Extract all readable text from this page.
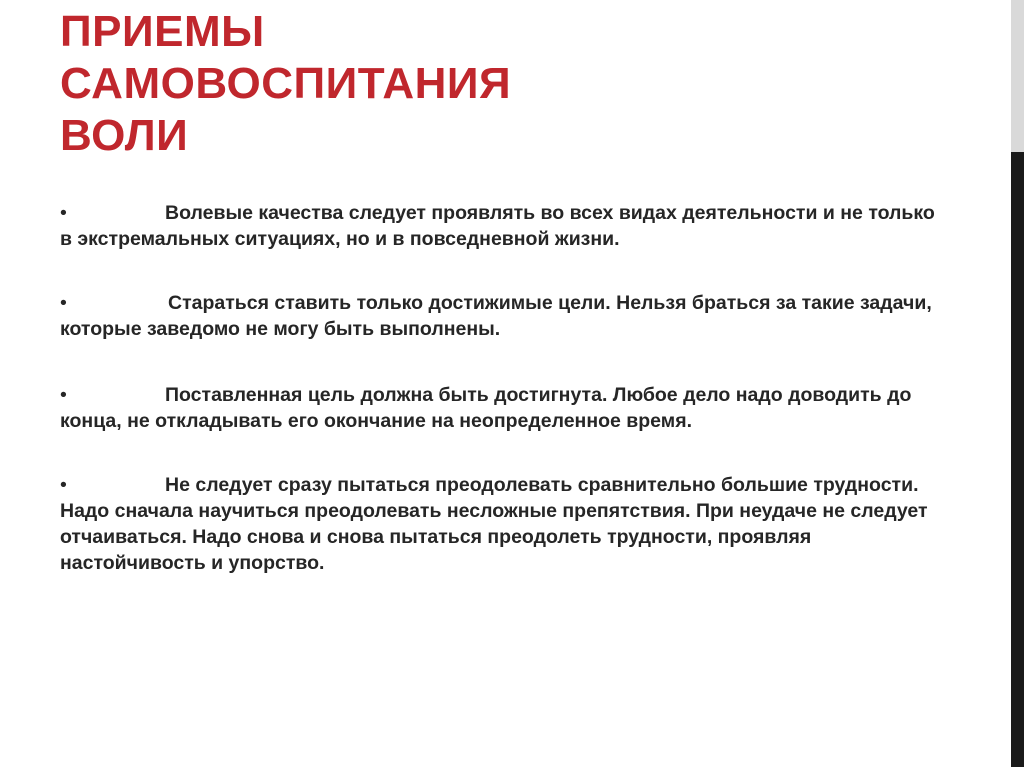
ПРИЕМЫ
САМОВОСПИТАНИЯ
ВОЛИ
•	Волевые качества следует проявлять во всех видах деятельности и не только в экстремальных ситуациях, но и в повседневной жизни.
•	Стараться ставить только достижимые цели. Нельзя браться за такие задачи, которые заведомо не могу быть выполнены.
•	Поставленная цель должна быть достигнута. Любое дело надо доводить до конца, не откладывать его окончание на неопределенное время.
•	Не следует сразу пытаться преодолевать сравнительно большие трудности. Надо сначала научиться преодолевать несложные препятствия. При неудаче не следует отчаиваться. Надо снова и снова пытаться преодолеть трудности, проявляя настойчивость и упорство.
